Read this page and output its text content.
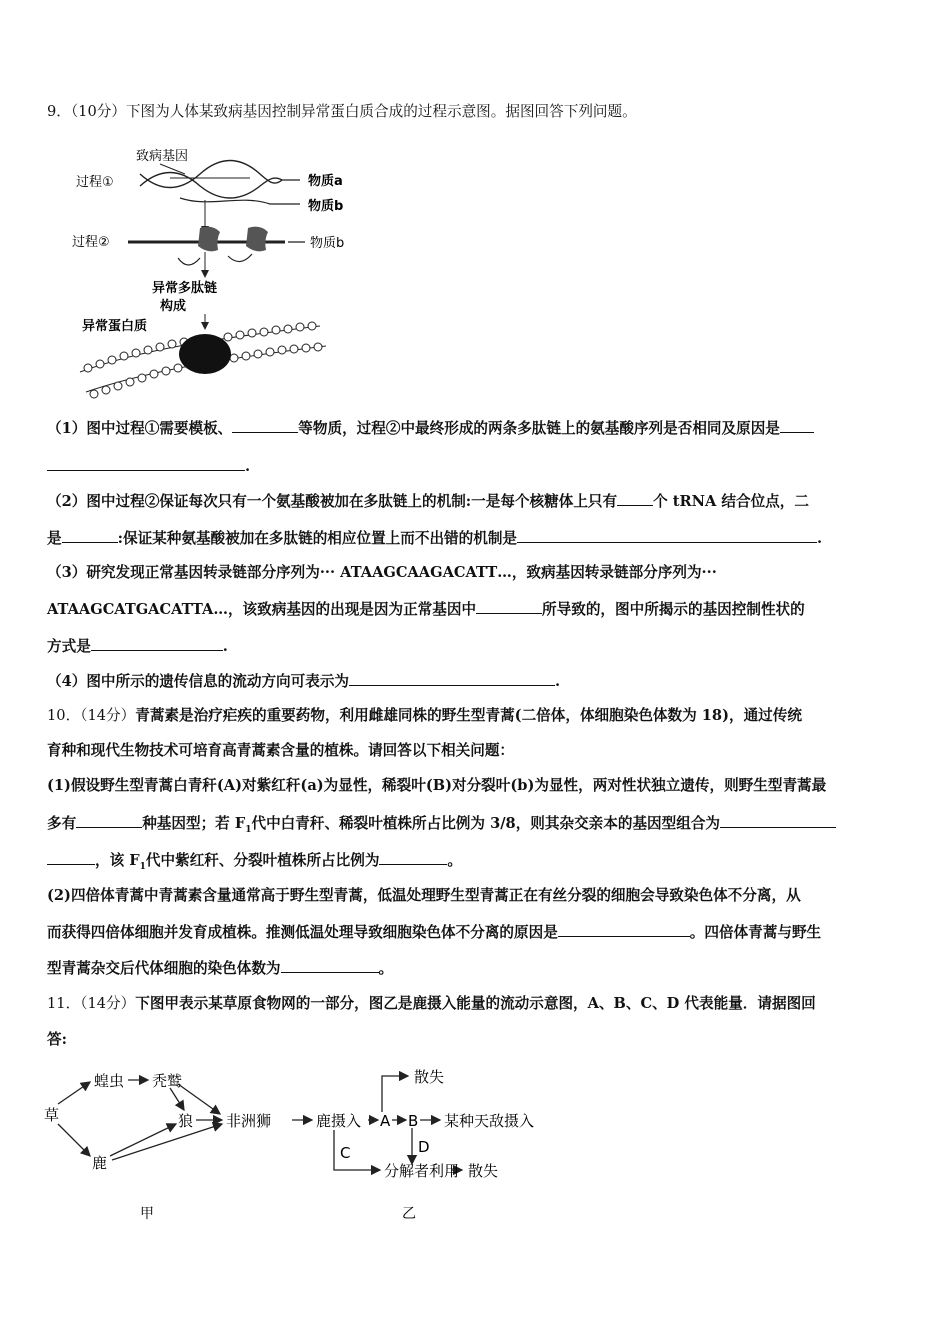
9．（10分）下图为人体某致病基因控制异常蛋白质合成的过程示意图。据图回答下列问题。
致病基因
过程①	物质a
物质b
过程②	物质b
异常多肽链
构成
异常蛋白质
（1）图中过程①需要模板、	等物质，过程②中最终形成的两条多肽链上的氨基酸序列是否相同及原因是
.
（2）图中过程②保证每次只有一个氨基酸被加在多肽链上的机制:一是每个核糖体上只有 个 tRNA 结合位点，二
是	:保证某种氨基酸被加在多肽链的相应位置上而不出错的机制是	.
（3）研究发现正常基因转录链部分序列为··· ATAAGCAAGACATT…，致病基因转录链部分序列为···
ATAAGCATGACATTA…，该致病基因的出现是因为正常基因中	所导致的，图中所揭示的基因控制性状的
方式是	.
（4）图中所示的遗传信息的流动方向可表示为	.
10．（14分）青蒿素是治疗疟疾的重要药物，利用雌雄同株的野生型青蒿(二倍体，体细胞染色体数为 18)，通过传统
育种和现代生物技术可培育高青蒿素含量的植株。请回答以下相关问题：
(1)假设野生型青蒿白青秆(A)对紫红秆(a)为显性，稀裂叶(B)对分裂叶(b)为显性，两对性状独立遗传，则野生型青蒿最
多有	种基因型；若 $F_1$代中白青秆、稀裂叶植株所占比例为 3/8，则其杂交亲本的基因型组合为
，该 $F_1$代中紫红秆、分裂叶植株所占比例为	。
(2)四倍体青蒿中青蒿素含量通常高于野生型青蒿，低温处理野生型青蒿正在有丝分裂的细胞会导致染色体不分离，从
而获得四倍体细胞并发育成植株。推测低温处理导致细胞染色体不分离的原因是	。四倍体青蒿与野生
型青蒿杂交后代体细胞的染色体数为	。
11．（14分）下图甲表示某草原食物网的一部分，图乙是鹿摄入能量的流动示意图，A、B、C、D 代表能量．请据图回
答:
草
蝗虫 秃鹫
狼 非洲狮
鹿
甲
鹿摄入 A B 某种天敌摄入
散失
C	D
分解者利用 散失
乙
